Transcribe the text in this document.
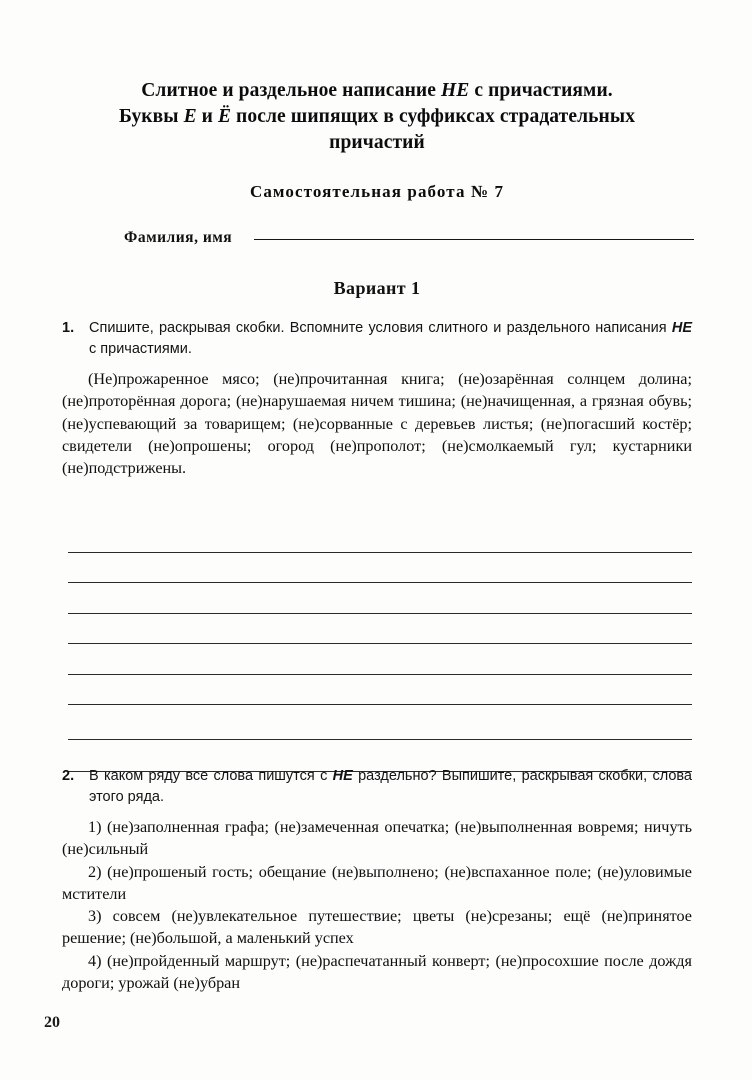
Слитное и раздельное написание НЕ с причастиями.
Буквы Е и Ё после шипящих в суффиксах страдательных
причастий
Самостоятельная работа № 7
Фамилия, имя
Вариант 1
1.	Спишите, раскрывая скобки. Вспомните условия слитного и раздельного написания НЕ с причастиями.
(Не)прожаренное мясо; (не)прочитанная книга; (не)озарённая солнцем долина; (не)проторённая дорога; (не)нарушаемая ничем тишина; (не)начищенная, а грязная обувь; (не)успевающий за товарищем; (не)сорванные с деревьев листья; (не)погасший костёр; свидетели (не)опрошены; огород (не)прополот; (не)смолкаемый гул; кустарники (не)подстрижены.
2.	В каком ряду все слова пишутся с НЕ раздельно? Выпишите, раскрывая скобки, слова этого ряда.
1) (не)заполненная графа; (не)замеченная опечатка; (не)выполненная вовремя; ничуть (не)сильный
2) (не)прошеный гость; обещание (не)выполнено; (не)вспаханное поле; (не)уловимые мстители
3) совсем (не)увлекательное путешествие; цветы (не)срезаны; ещё (не)принятое решение; (не)большой, а маленький успех
4) (не)пройденный маршрут; (не)распечатанный конверт; (не)просохшие после дождя дороги; урожай (не)убран
20
